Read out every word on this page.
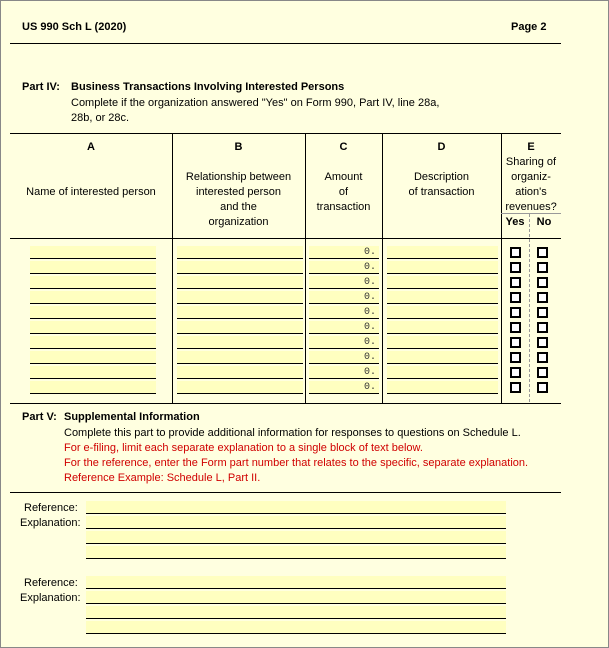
US 990 Sch L (2020)	Page 2
Part IV: Business Transactions Involving Interested Persons
Complete if the organization answered "Yes" on Form 990, Part IV, line 28a,
28b, or 28c.
A
Name of interested person
B
Relationship between
interested person
and the
organization
C
Amount
of
transaction
D
Description
of transaction
E
Sharing of
organiz-
ation's
revenues?
Yes	No
0.
0.
0.
0.
0.
0.
0.
0.
0.
0.
Part V: Supplemental Information
Complete this part to provide additional information for responses to questions on Schedule L.
For e-filing, limit each separate explanation to a single block of text below.
For the reference, enter the Form part number that relates to the specific, separate explanation.
Reference Example: Schedule L, Part II.
Reference:
Explanation:
Reference:
Explanation:
